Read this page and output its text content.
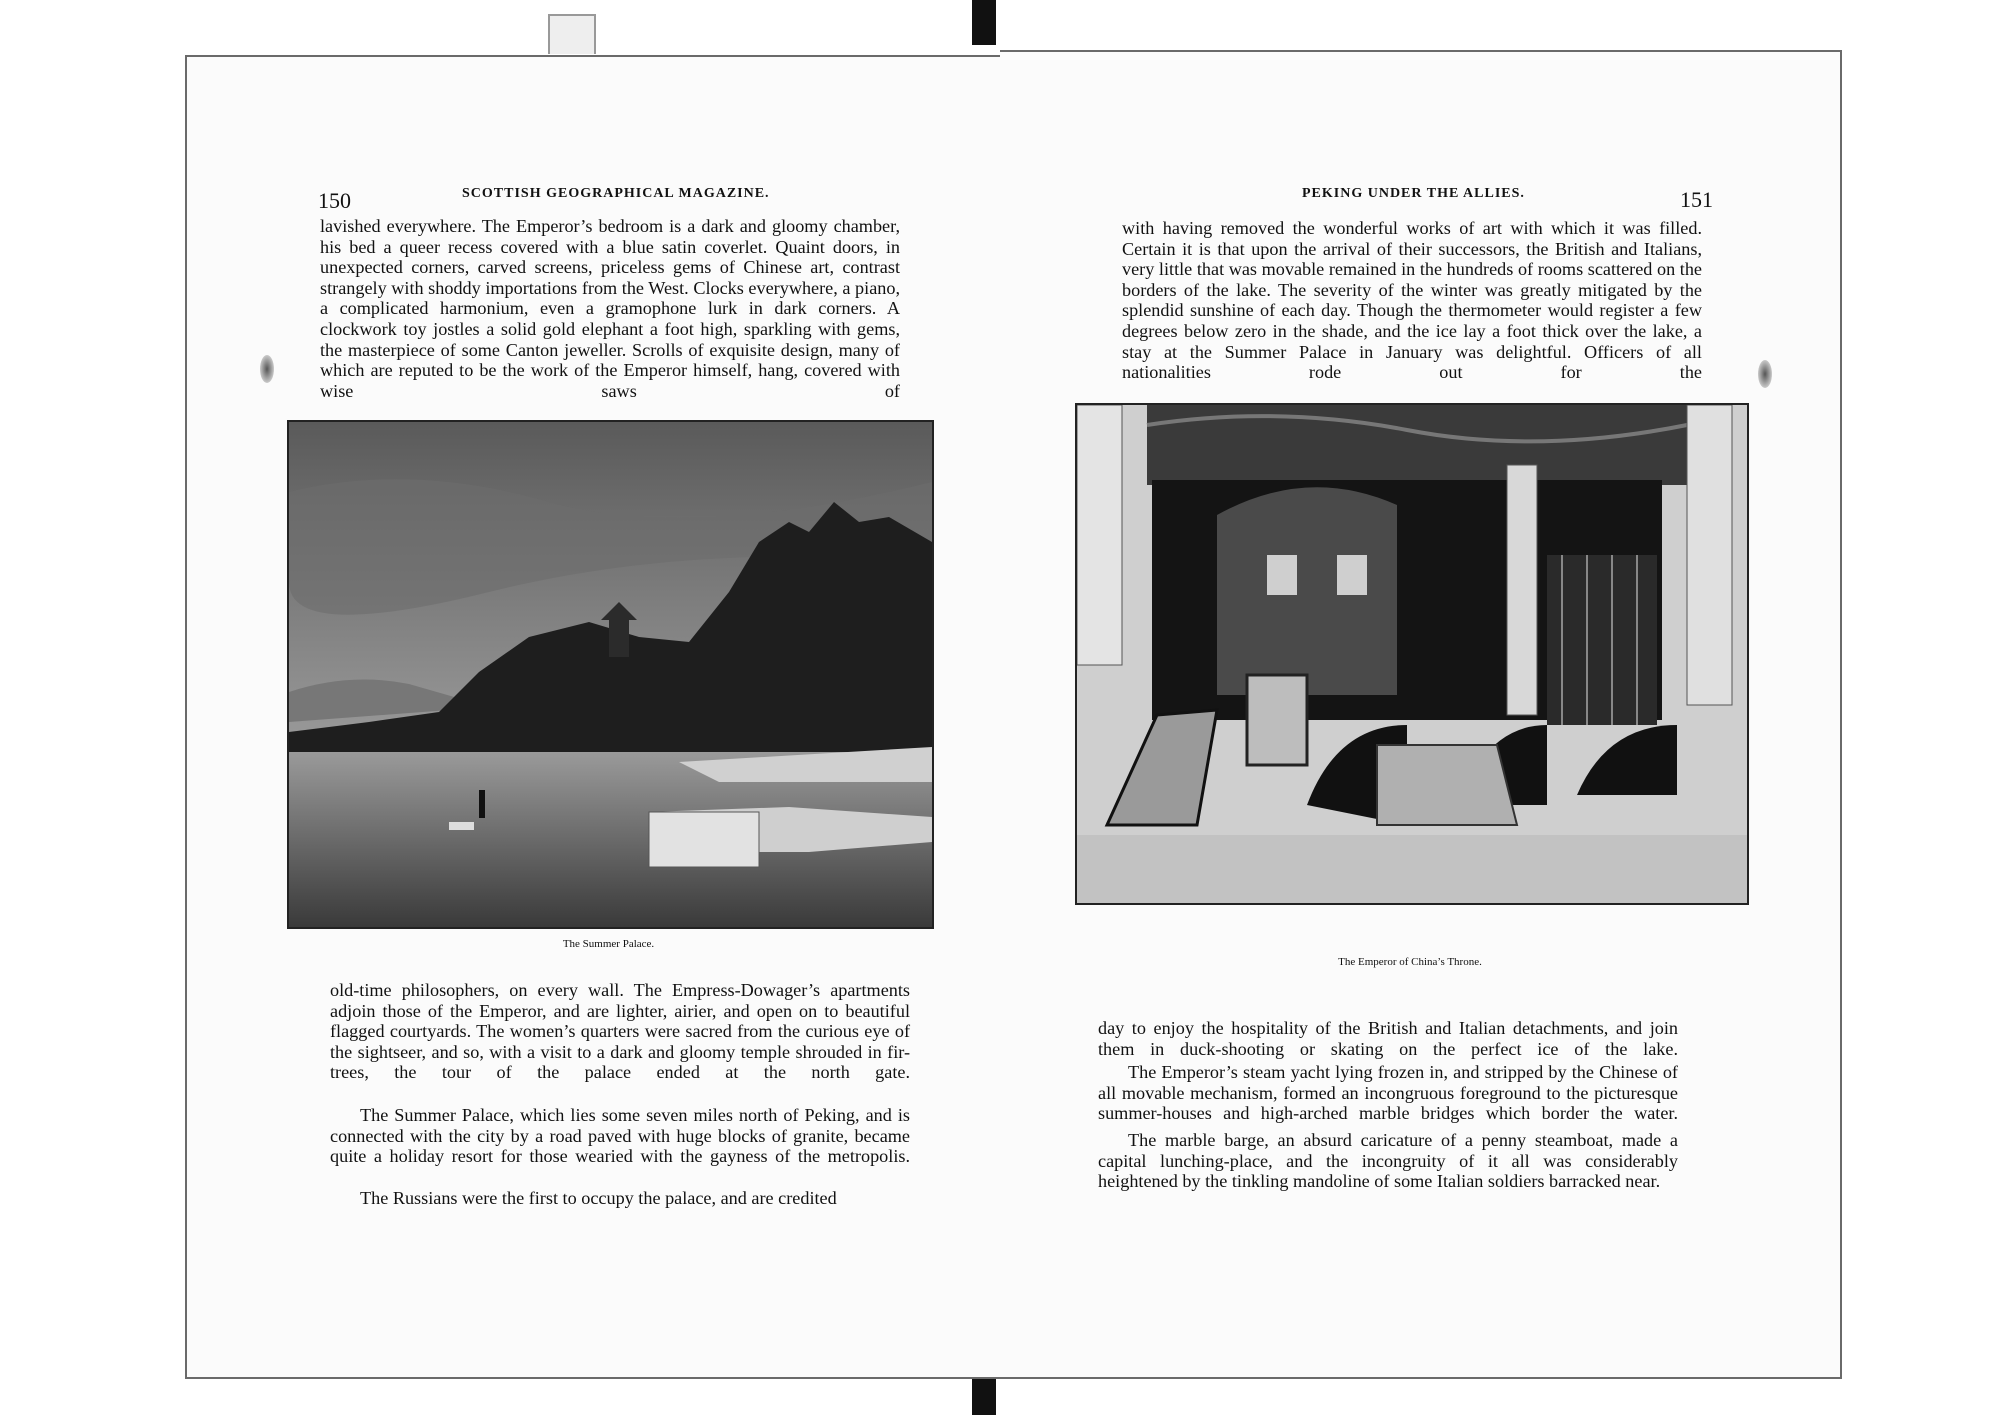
150	SCOTTISH GEOGRAPHICAL MAGAZINE.
lavished everywhere. The Emperor’s bedroom is a dark and gloomy chamber, his bed a queer recess covered with a blue satin coverlet. Quaint doors, in unexpected corners, carved screens, priceless gems of Chinese art, contrast strangely with shoddy importations from the West. Clocks everywhere, a piano, a complicated harmonium, even a gramophone lurk in dark corners. A clockwork toy jostles a solid gold elephant a foot high, sparkling with gems, the masterpiece of some Canton jeweller. Scrolls of exquisite design, many of which are reputed to be the work of the Emperor himself, hang, covered with wise saws of
The Summer Palace.
old-time philosophers, on every wall. The Empress-Dowager’s apartments adjoin those of the Emperor, and are lighter, airier, and open on to beautiful flagged courtyards. The women’s quarters were sacred from the curious eye of the sightseer, and so, with a visit to a dark and gloomy temple shrouded in fir-trees, the tour of the palace ended at the north gate.
The Summer Palace, which lies some seven miles north of Peking, and is connected with the city by a road paved with huge blocks of granite, became quite a holiday resort for those wearied with the gayness of the metropolis.
The Russians were the first to occupy the palace, and are credited
PEKING UNDER THE ALLIES.	151
with having removed the wonderful works of art with which it was filled. Certain it is that upon the arrival of their successors, the British and Italians, very little that was movable remained in the hundreds of rooms scattered on the borders of the lake. The severity of the winter was greatly mitigated by the splendid sunshine of each day. Though the thermometer would register a few degrees below zero in the shade, and the ice lay a foot thick over the lake, a stay at the Summer Palace in January was delightful. Officers of all nationalities rode out for the
The Emperor of China’s Throne.
day to enjoy the hospitality of the British and Italian detachments, and join them in duck-shooting or skating on the perfect ice of the lake.
The Emperor’s steam yacht lying frozen in, and stripped by the Chinese of all movable mechanism, formed an incongruous foreground to the picturesque summer-houses and high-arched marble bridges which border the water.
The marble barge, an absurd caricature of a penny steamboat, made a capital lunching-place, and the incongruity of it all was considerably heightened by the tinkling mandoline of some Italian soldiers barracked near.
